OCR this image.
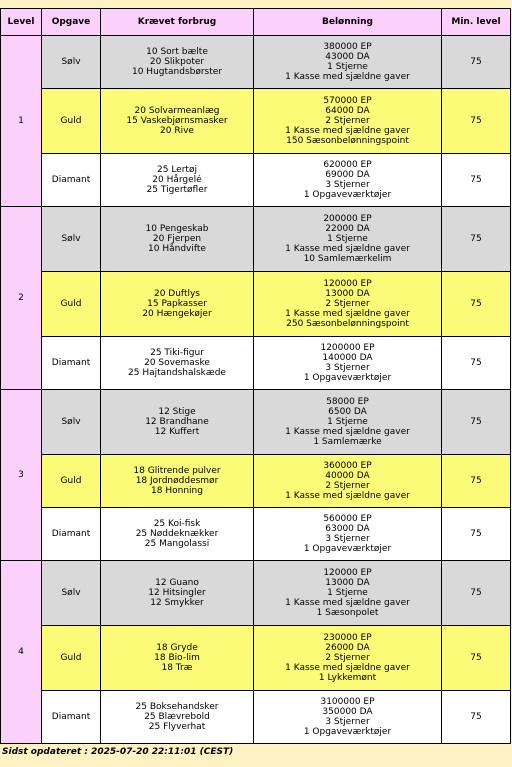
Level	Opgave	Krævet forbrug	Belønning	Min. level
1	Sølv	10 Sort bælte
20 Slikpoter
10 Hugtandsbørster	380000 EP
43000 DA
1 Stjerne
1 Kasse med sjældne gaver	75
	Guld	20 Solvarmeanlæg
15 Vaskebjørnsmasker
20 Rive	570000 EP
64000 DA
2 Stjerner
1 Kasse med sjældne gaver
150 Sæsonbelønningspoint	75
	Diamant	25 Lertøj
20 Hårgelé
25 Tigertøfler	620000 EP
69000 DA
3 Stjerner
1 Opgaveværktøjer	75
2	Sølv	10 Pengeskab
20 Fjerpen
10 Håndvifte	200000 EP
22000 DA
1 Stjerne
1 Kasse med sjældne gaver
10 Samlemærkelim	75
	Guld	20 Duftlys
15 Papkasser
20 Hængekøjer	120000 EP
13000 DA
2 Stjerner
1 Kasse med sjældne gaver
250 Sæsonbelønningspoint	75
	Diamant	25 Tiki-figur
20 Sovemaske
25 Hajtandshalskæde	1200000 EP
140000 DA
3 Stjerner
1 Opgaveværktøjer	75
3	Sølv	12 Stige
12 Brandhane
12 Kuffert	58000 EP
6500 DA
1 Stjerne
1 Kasse med sjældne gaver
1 Samlemærke	75
	Guld	18 Glitrende pulver
18 Jordnøddesmør
18 Honning	360000 EP
40000 DA
2 Stjerner
1 Kasse med sjældne gaver	75
	Diamant	25 Koi-fisk
25 Nøddeknækker
25 Mangolassi	560000 EP
63000 DA
3 Stjerner
1 Opgaveværktøjer	75
4	Sølv	12 Guano
12 Hitsingler
12 Smykker	120000 EP
13000 DA
1 Stjerne
1 Kasse med sjældne gaver
1 Sæsonpolet	75
	Guld	18 Gryde
18 Bio-lim
18 Træ	230000 EP
26000 DA
2 Stjerner
1 Kasse med sjældne gaver
1 Lykkemønt	75
	Diamant	25 Boksehandsker
25 Blævrebold
25 Flyverhat	3100000 EP
350000 DA
3 Stjerner
1 Opgaveværktøjer	75
Sidst opdateret : 2025-07-20 22:11:01 (CEST)
